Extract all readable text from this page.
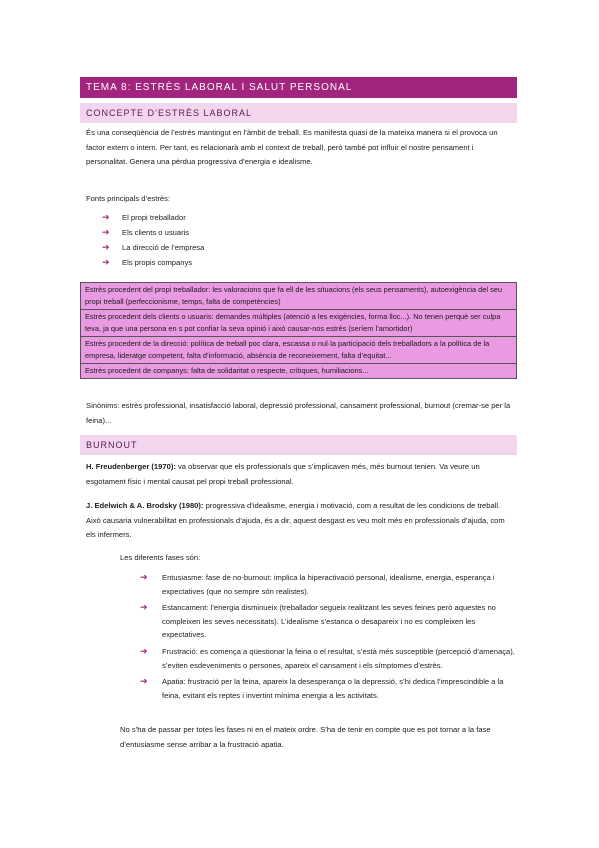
TEMA 8: ESTRÈS LABORAL I SALUT PERSONAL
CONCEPTE D’ESTRÈS LABORAL
És una conseqüència de l’estrès mantingut en l’àmbit de treball. Es manifesta quasi de la mateixa manera si el provoca un factor extern o intern. Per tant, es relacionarà amb el context de treball, però també pot influir el nostre pensament i personalitat. Genera una pèrdua progressiva d’energia e idealisme.
Fonts principals d’estrès:
➔ El propi treballador
➔ Els clients o usuaris
➔ La direcció de l’empresa
➔ Els propis companys
Estrès procedent del propi treballador: les valoracions que fa ell de les situacions (els seus pensaments), autoexigència del seu propi treball (perfeccionisme, temps, falta de competències)
Estrès procedent dels clients o usuaris: demandes múltiples (atenció a les exigències, forma lloc...). No tenen perquè ser culpa teva, ja que una persona en s pot confiar la seva opinió i això causar-nos estrès (seríem l’amortidor)
Estrès procedent de la direcció: política de treball poc clara, escassa o nul·la participació dels treballadors a la política de la empresa, lideratge competent, falta d’informació, absència de reconeixement, falta d’equitat...
Estrès procedent de companys: falta de solidaritat o respecte, crítiques, humiliacions...
Sinònims: estrès professional, insatisfacció laboral, depressió professional, cansament professional, burnout (cremar-se per la feina)...
BURNOUT
H. Freudenberger (1970): va observar que els professionals que s’implicaven més, més burnout tenien. Va veure un esgotament físic i mental causat pel propi treball professional.
J. Edelwich & A. Brodsky (1980): progressiva d’idealisme, energia i motivació, com a resultat de les condicions de treball. Això causaria vulnerabilitat en professionals d’ajuda, és a dir, aquest desgast es veu molt més en professionals d’ajuda, com els infermers.
Les diferents fases són:
➔ Entusiasme: fase de no-burnout: implica la hiperactivació personal, idealisme, energia, esperança i expectatives (que no sempre són realistes).
➔ Estancament: l’energia disminueix (treballador segueix realitzant les seves feines però aquestes no compleixen les seves necessitats). L’idealisme s’estanca o desapareix i no es compleixen les expectatives.
➔ Frustració: es comença a qüestionar la feina o el resultat, s’està més susceptible (percepció d’amenaça), s’eviten esdeveniments o persones, apareix el cansament i els símptomes d’estrès.
➔ Apatia: frustració per la feina, apareix la desesperança o la depressió, s’hi dedica l’imprescindible a la feina, evitant els reptes i invertint mínima energia a les activitats.
No s’ha de passar per totes les fases ni en el mateix ordre. S’ha de tenir en compte que es pot tornar a la fase d’entusiasme sense arribar a la frustració apatia.
